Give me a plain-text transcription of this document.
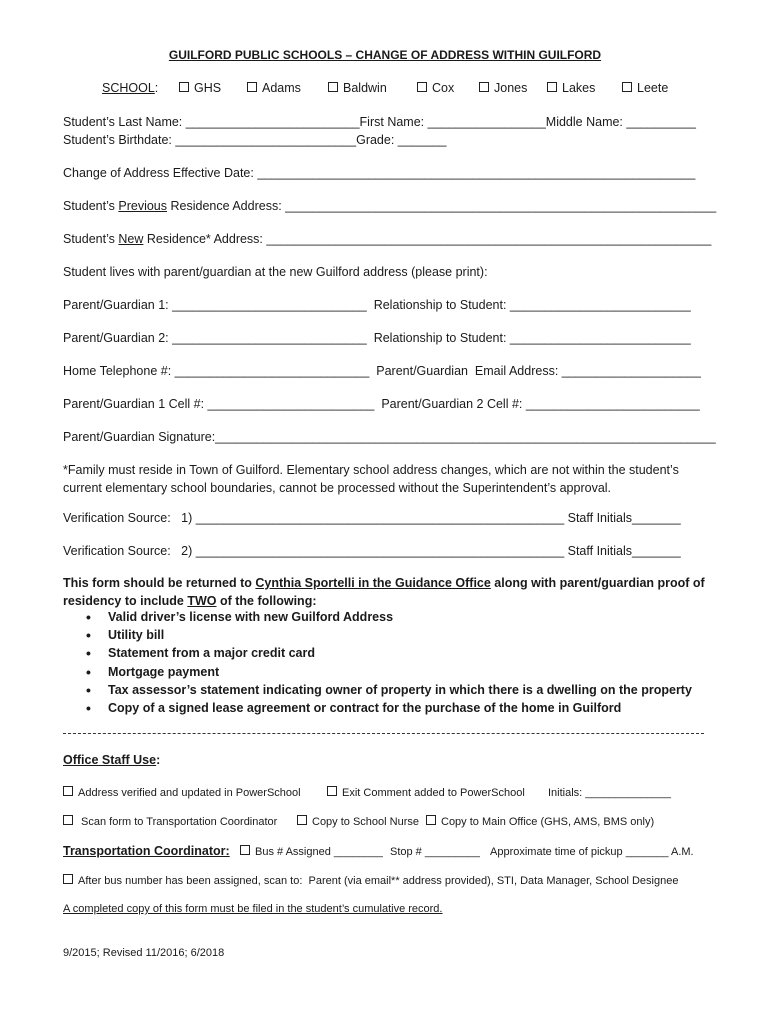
GUILFORD PUBLIC SCHOOLS – CHANGE OF ADDRESS WITHIN GUILFORD
SCHOOL:	GHS	Adams	Baldwin	Cox	Jones	Lakes	Leete
Student’s Last Name: _________________________First Name: _________________Middle Name: __________
Student’s Birthdate: __________________________Grade: _______
Change of Address Effective Date: _______________________________________________________________
Student’s Previous Residence Address: ______________________________________________________________
Student’s New Residence* Address: ________________________________________________________________
Student lives with parent/guardian at the new Guilford address (please print):
Parent/Guardian 1: ____________________________  Relationship to Student: __________________________
Parent/Guardian 2: ____________________________  Relationship to Student: __________________________
Home Telephone #: ____________________________  Parent/Guardian  Email Address: ____________________
Parent/Guardian 1 Cell #: ________________________  Parent/Guardian 2 Cell #: _________________________
Parent/Guardian Signature:________________________________________________________________________
*Family must reside in Town of Guilford. Elementary school address changes, which are not within the student’s current elementary school boundaries, cannot be processed without the Superintendent’s approval.
Verification Source:   1) _____________________________________________________ Staff Initials_______
Verification Source:   2) _____________________________________________________ Staff Initials_______
This form should be returned to Cynthia Sportelli in the Guidance Office along with parent/guardian proof of residency to include TWO of the following:
• Valid driver’s license with new Guilford Address
• Utility bill
• Statement from a major credit card
• Mortgage payment
• Tax assessor’s statement indicating owner of property in which there is a dwelling on the property
• Copy of a signed lease agreement or contract for the purchase of the home in Guilford
Office Staff Use:
Address verified and updated in PowerSchool	Exit Comment added to PowerSchool Initials: ______________
Scan form to Transportation Coordinator	Copy to School Nurse	Copy to Main Office (GHS, AMS, BMS only)
Transportation Coordinator:	Bus # Assigned ________ Stop # _________ Approximate time of pickup _______ A.M.
After bus number has been assigned, scan to:  Parent (via email** address provided), STI, Data Manager, School Designee
A completed copy of this form must be filed in the student’s cumulative record.
9/2015; Revised 11/2016; 6/2018
